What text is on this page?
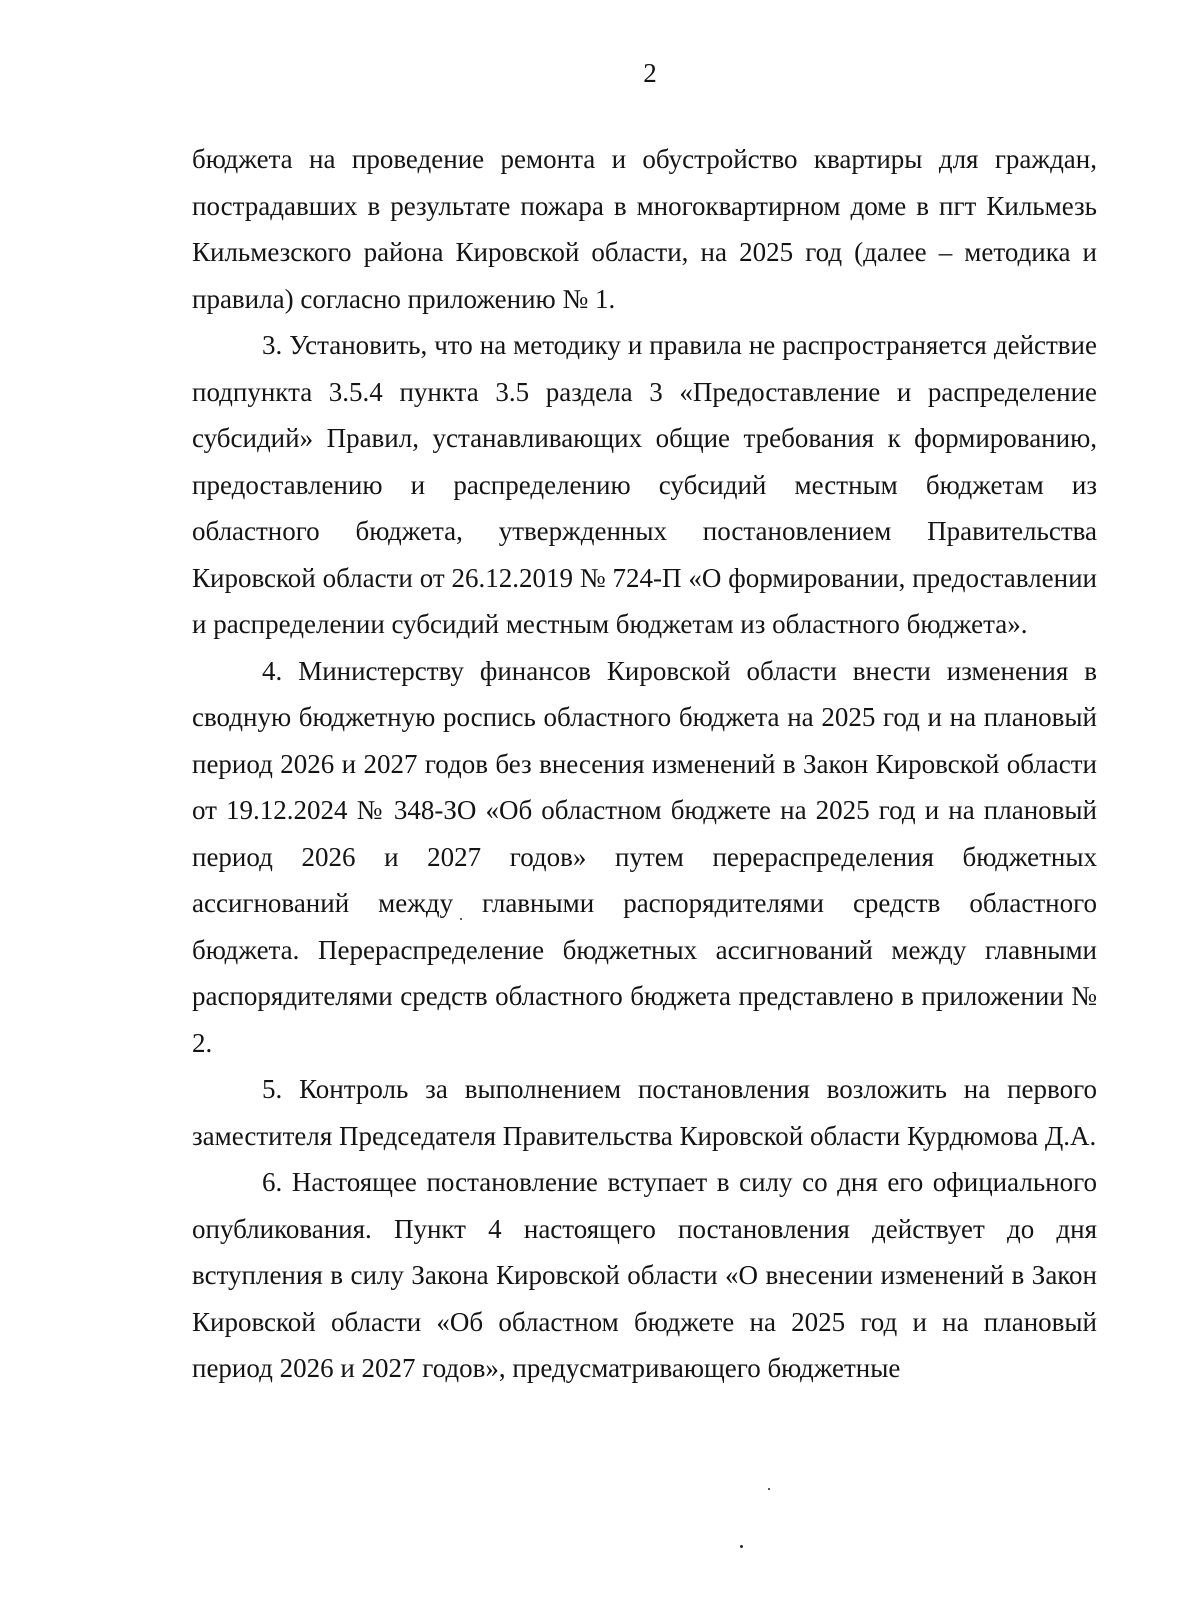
2

бюджета на проведение ремонта и обустройство квартиры для граждан, пострадавших в результате пожара в многоквартирном доме в пгт Кильмезь Кильмезского района Кировской области, на 2025 год (далее – методика и правила) согласно приложению № 1.

3. Установить, что на методику и правила не распространяется действие подпункта 3.5.4 пункта 3.5 раздела 3 «Предоставление и распределение субсидий» Правил, устанавливающих общие требования к формированию, предоставлению и распределению субсидий местным бюджетам из областного бюджета, утвержденных постановлением Правительства Кировской области от 26.12.2019 № 724-П «О формировании, предоставлении и распределении субсидий местным бюджетам из областного бюджета».

4. Министерству финансов Кировской области внести изменения в сводную бюджетную роспись областного бюджета на 2025 год и на плановый период 2026 и 2027 годов без внесения изменений в Закон Кировской области от 19.12.2024 № 348-ЗО «Об областном бюджете на 2025 год и на плановый период 2026 и 2027 годов» путем перераспределения бюджетных ассигнований между главными распорядителями средств областного бюджета. Перераспределение бюджетных ассигнований между главными распорядителями средств областного бюджета представлено в приложении № 2.

5. Контроль за выполнением постановления возложить на первого заместителя Председателя Правительства Кировской области Курдюмова Д.А.

6. Настоящее постановление вступает в силу со дня его официального опубликования. Пункт 4 настоящего постановления действует до дня вступления в силу Закона Кировской области «О внесении изменений в Закон Кировской области «Об областном бюджете на 2025 год и на плановый период 2026 и 2027 годов», предусматривающего бюджетные
